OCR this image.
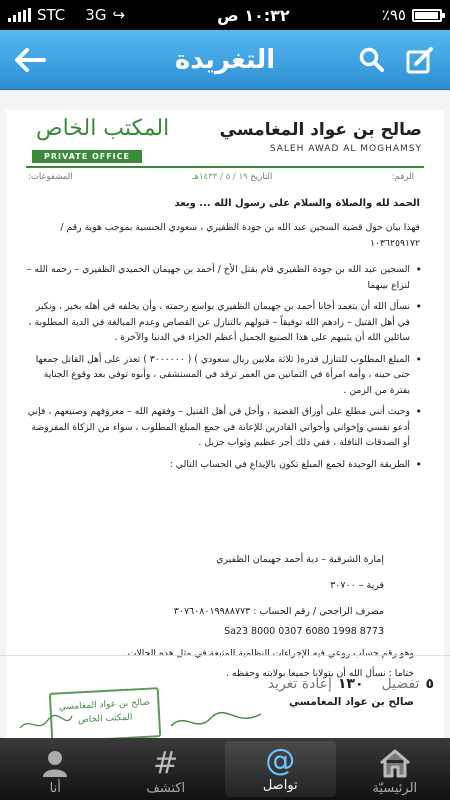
STC 3G ↪	١٠:٣٢ ص	٪٩٥
التغريدة
صالح بن عواد المغامسي
SALEH AWAD AL MOGHAMSY
المكتب الخاص
PRIVATE OFFICE
الرقم:
التاريخ ١٩ / ٥ / ١٤٣٣هـ
المشفوعات:
الحمد لله والصلاة والسلام على رسول الله ... وبعد
فهذا بيان حول قضية السجين عبد الله بن جودة الظفيري ، سعودي الجنسية بموجب هوية رقم / ١٠٣٦٢٥٩١٧٢
• السجين عبد الله بن جودة الظفيري قام بقتل الأخ / أحمد بن جهيمان الحميدي الظفيري – رحمه الله – لنزاع بينهما
• نسأل الله أن يتغمد أخانا أحمد بن جهيمان الظفيري بواسع رحمته ، وأن يخلفه في أهله بخير ، ونكبر في أهل القتيل – زادهم الله توفيقاً – قبولهم بالتنازل عن القصاص وعدم المبالغة في الدية المطلوبة ، سائلين الله أن يثيبهم على هذا الصنيع الجميل أعظم الجزاء في الدنيا والآخرة .
• المبلغ المطلوب للتنازل قدره( ثلاثة ملايين ريال سعودي ) ( ٣٠٠٠٠٠٠ ) تعذر على أهل القاتل جمعها حتى حينه ، وأمه امرأة في الثمانين من العمر ترقد في المستشفى ، وأبوه توفي بعد وقوع الجناية بفترة من الزمن .
• وحيث أنني مطلع على أوراق القضية ، وأجل في أهل القتيل – وفقهم الله – معروفهم وصنيعهم ، فإني أدعو نفسي وإخواني وأخواتي القادرين للإعانة في جمع المبلغ المطلوب ، سواء من الزكاة المفروضة أو الصدقات النافلة ، ففي ذلك أجر عظيم وثواب جزيل .
• الطريقة الوحيدة لجمع المبلغ تكون بالإيداع في الحساب التالي :
إمارة الشرقية – دية أحمد جهيمان الظفيري
قرية – ٣٠٧٠٠
مصرف الراجحي / رقم الحساب : ٣٠٧٦٠٨٠١٩٩٨٨٧٧٣
Sa23 8000 0307 6080 1998 8773
وهو رقم حساب روعي فيه الإجراءات النظامية المتبعة في مثل هذه الحالات .
ختاما : نسأل الله أن يتولانا جميعا بولايته وحفظه .
صالح بن عواد المغامسي
صالح بن عواد المغامسي
المكتب الخاص
٥تفضيل
١٣٠إعادة تغريد
الرئيسيّة
@
تواصل
#
اكتشف
أنا
